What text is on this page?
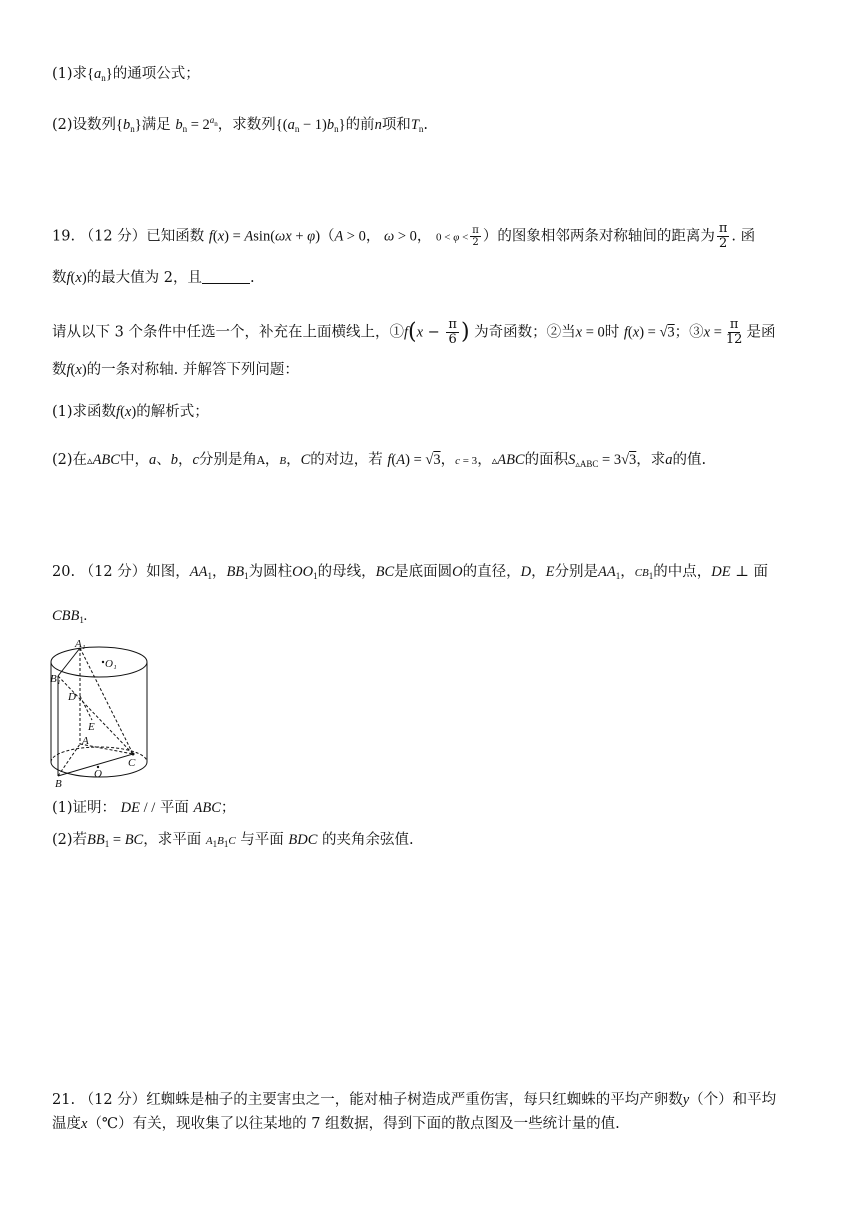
(1)求$\{a_n\}$的通项公式；
(2)设数列$\{b_n\}$满足 $b_n = 2^{a_n}$，求数列$\{(a_n - 1)b_n\}$的前n项和$T_n$.
19. （12 分）已知函数 f(x) = Asin(ωx + φ)（A > 0， ω > 0， $0 < \varphi < \frac{\pi}{2}$ ）的图象相邻两条对称轴间的距离为 $\frac{\pi}{2}$ . 函
数f(x)的最大值为 2，且	.
请从以下 3 个条件中任选一个，补充在上面横线上，①f(x − $\frac{\pi}{6}$ ) 为奇函数；②当x = 0时 f(x) = √3；③x = $\frac{\pi}{12}$ 是函
数f(x)的一条对称轴. 并解答下列问题：
(1)求函数f(x)的解析式；
(2)在▵ABC中，a、b，c分别是角A，B，C的对边，若 f(A) = √3，c = 3，▵ABC的面积$S_{▵ABC} = 3√3$，求a的值.
20. （12 分）如图，$AA_1$，$BB_1$为圆柱$OO_1$的母线，BC是底面圆O的直径，D，E分别是$AA_1$，$CB_1$的中点，DE ⊥ 面
$CBB_1$.
A₁
B₁
O₁
D
E
A
C
O
B
(1)证明： DE / / 平面 ABC；
(2)若$BB_1$ = BC，求平面 $A_1B_1C$ 与平面 BDC 的夹角余弦值.
21. （12 分）红蜘蛛是柚子的主要害虫之一，能对柚子树造成严重伤害，每只红蜘蛛的平均产卵数y（个）和平均
温度x（℃）有关，现收集了以往某地的 7 组数据，得到下面的散点图及一些统计量的值.
